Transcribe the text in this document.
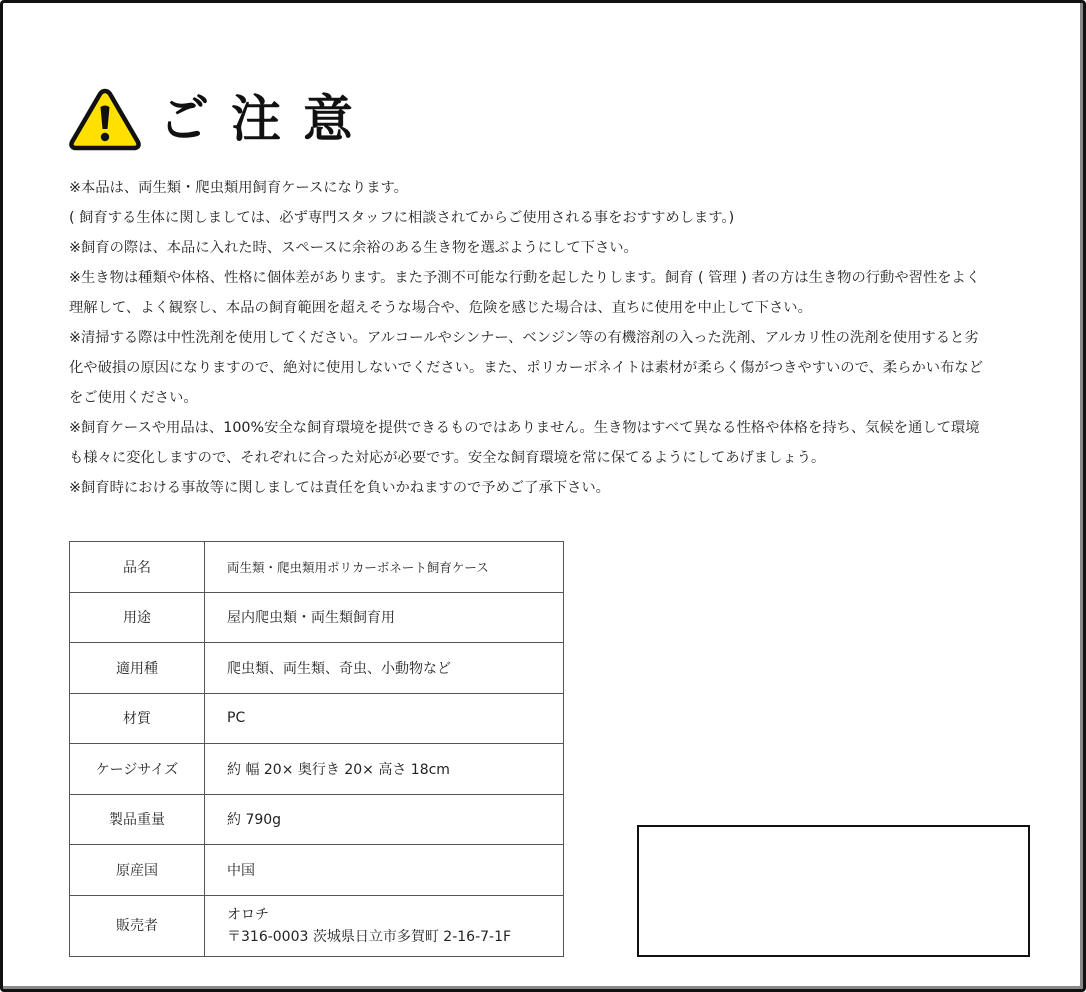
ご注意

※本品は、両生類・爬虫類用飼育ケースになります。

( 飼育する生体に関しましては、必ず専門スタッフに相談されてからご使用される事をおすすめします。)

※飼育の際は、本品に入れた時、スペースに余裕のある生き物を選ぶようにして下さい。

※生き物は種類や体格、性格に個体差があります。また予測不可能な行動を起したりします。飼育 ( 管理 ) 者の方は生き物の行動や習性をよく

理解して、よく観察し、本品の飼育範囲を超えそうな場合や、危険を感じた場合は、直ちに使用を中止して下さい。

※清掃する際は中性洗剤を使用してください。アルコールやシンナー、ベンジン等の有機溶剤の入った洗剤、アルカリ性の洗剤を使用すると劣

化や破損の原因になりますので、絶対に使用しないでください。また、ポリカーボネイトは素材が柔らく傷がつきやすいので、柔らかい布など

をご使用ください。

※飼育ケースや用品は、100%安全な飼育環境を提供できるものではありません。生き物はすべて異なる性格や体格を持ち、気候を通して環境

も様々に変化しますので、それぞれに合った対応が必要です。安全な飼育環境を常に保てるようにしてあげましょう。

※飼育時における事故等に関しましては責任を負いかねますので予めご了承下さい。

品名	両生類・爬虫類用ポリカーボネート飼育ケース
用途	屋内爬虫類・両生類飼育用
適用種	爬虫類、両生類、奇虫、小動物など
材質	PC
ケージサイズ	約 幅 20× 奥行き 20× 高さ 18cm
製品重量	約 790g
原産国	中国
販売者	オロチ
〒316-0003 茨城県日立市多賀町 2-16-7-1F
